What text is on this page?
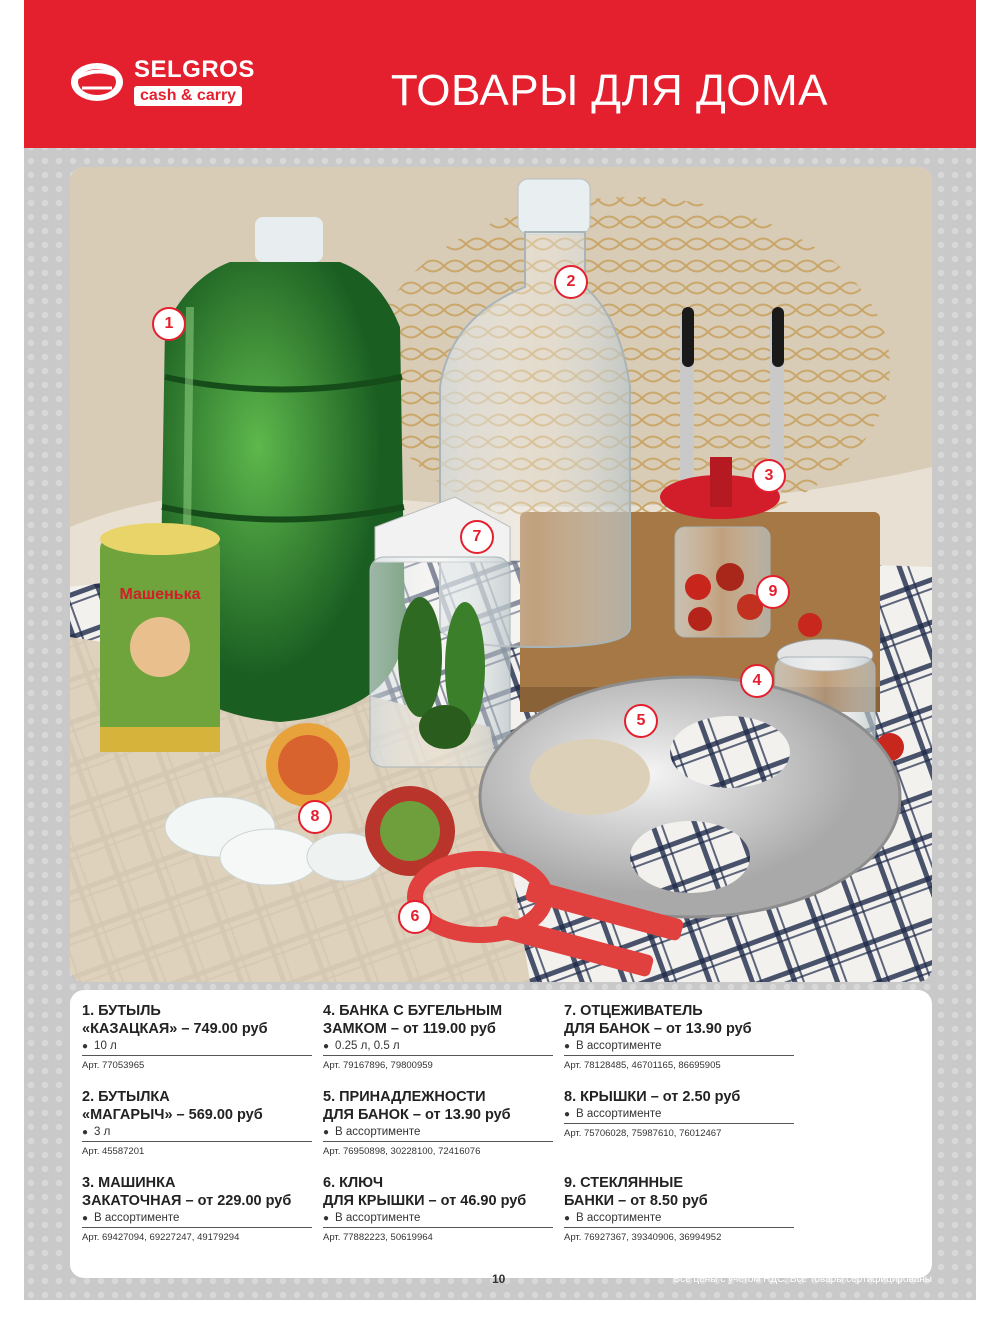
SELGROS
cash & carry	ТОВАРЫ ДЛЯ ДОМА
Машенька
1
2
3
4
5
6
7
8
9
1. БУТЫЛЬ
«КАЗАЦКАЯ» – 749.00 руб
● 10 л
Арт. 77053965
2. БУТЫЛКА
«МАГАРЫЧ» – 569.00 руб
● 3 л
Арт. 45587201
3. МАШИНКА
ЗАКАТОЧНАЯ – от 229.00 руб
● В ассортименте
Арт. 69427094, 69227247, 49179294
4. БАНКА С БУГЕЛЬНЫМ
ЗАМКОМ – от 119.00 руб
● 0.25 л, 0.5 л
Арт. 79167896, 79800959
5. ПРИНАДЛЕЖНОСТИ
ДЛЯ БАНОК – от 13.90 руб
● В ассортименте
Арт. 76950898, 30228100, 72416076
6. КЛЮЧ
ДЛЯ КРЫШКИ – от 46.90 руб
● В ассортименте
Арт. 77882223, 50619964
7. ОТЦЕЖИВАТЕЛЬ
ДЛЯ БАНОК – от 13.90 руб
● В ассортименте
Арт. 78128485, 46701165, 86695905
8. КРЫШКИ – от 2.50 руб
● В ассортименте
Арт. 75706028, 75987610, 76012467
9. СТЕКЛЯННЫЕ
БАНКИ – от 8.50 руб
● В ассортименте
Арт. 76927367, 39340906, 36994952
10	Все цены с учетом НДС. Все товары сертифицированы
